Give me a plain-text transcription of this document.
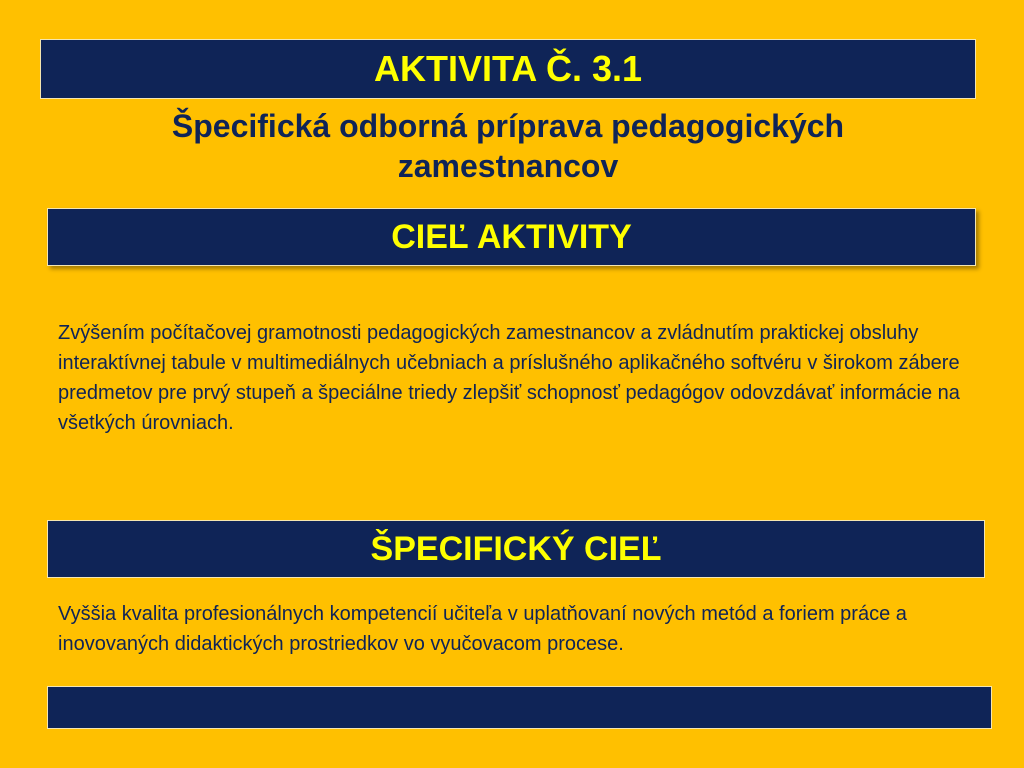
AKTIVITA Č. 3.1
Špecifická odborná príprava pedagogických
zamestnancov
CIEĽ AKTIVITY
Zvýšením počítačovej gramotnosti pedagogických zamestnancov a zvládnutím praktickej obsluhy interaktívnej tabule v multimediálnych učebniach a príslušného aplikačného softvéru v širokom zábere predmetov pre prvý stupeň a špeciálne triedy zlepšiť schopnosť pedagógov odovzdávať informácie na všetkých úrovniach.
ŠPECIFICKÝ CIEĽ
Vyššia kvalita profesionálnych kompetencií učiteľa v uplatňovaní nových metód a foriem práce a inovovaných didaktických prostriedkov vo vyučovacom procese.
